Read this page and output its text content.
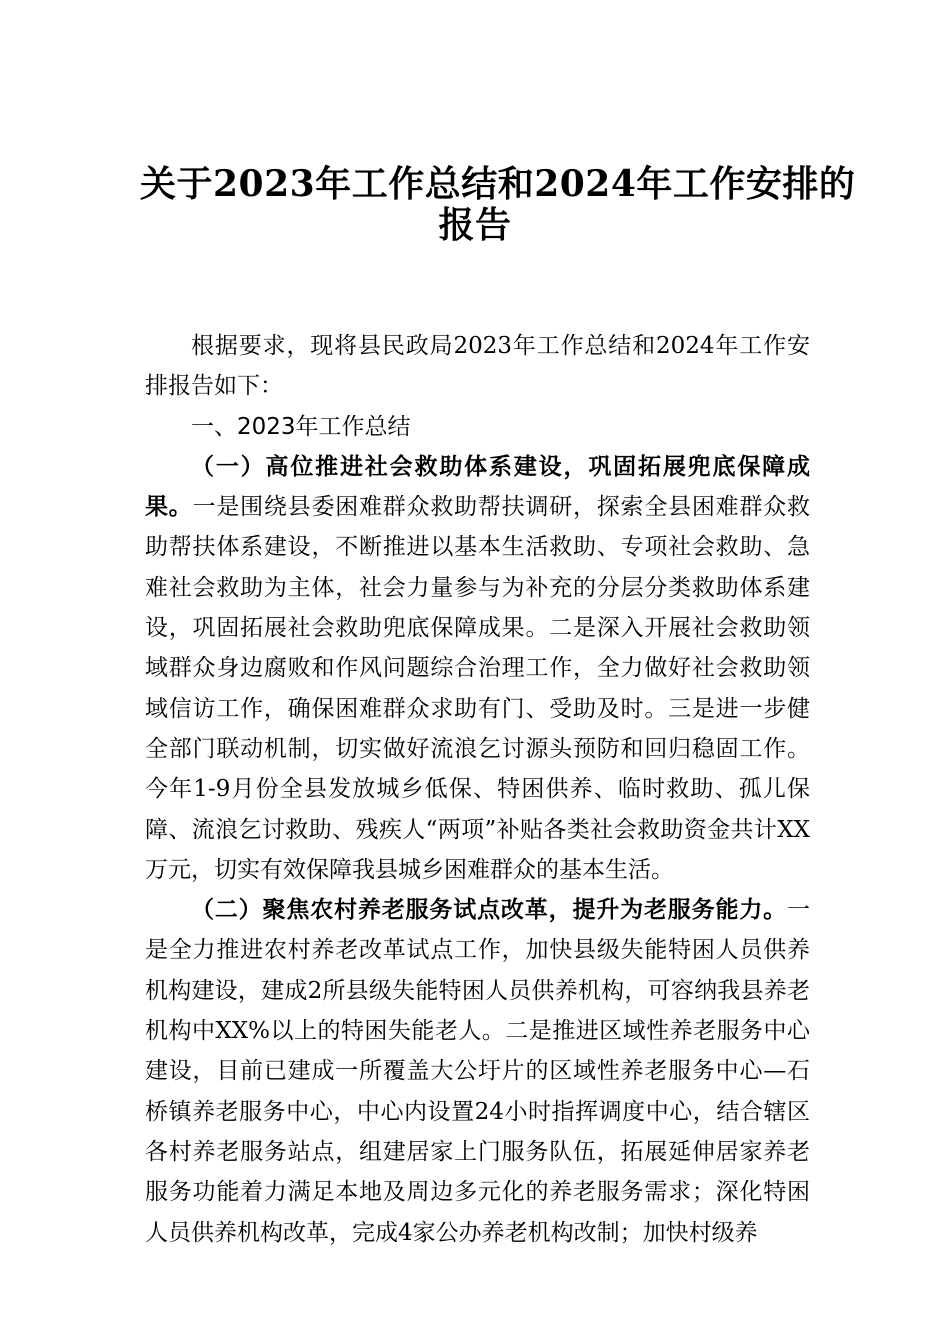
关于2023年工作总结和2024年工作安排的
报告

根据要求，现将县民政局2023年工作总结和2024年工作安排报告如下：

一、2023年工作总结

（一）高位推进社会救助体系建设，巩固拓展兜底保障成果。一是围绕县委困难群众救助帮扶调研，探索全县困难群众救助帮扶体系建设，不断推进以基本生活救助、专项社会救助、急难社会救助为主体，社会力量参与为补充的分层分类救助体系建设，巩固拓展社会救助兜底保障成果。二是深入开展社会救助领域群众身边腐败和作风问题综合治理工作，全力做好社会救助领域信访工作，确保困难群众求助有门、受助及时。三是进一步健全部门联动机制，切实做好流浪乞讨源头预防和回归稳固工作。今年1-9月份全县发放城乡低保、特困供养、临时救助、孤儿保障、流浪乞讨救助、残疾人“两项”补贴各类社会救助资金共计XX万元，切实有效保障我县城乡困难群众的基本生活。

（二）聚焦农村养老服务试点改革，提升为老服务能力。一是全力推进农村养老改革试点工作，加快县级失能特困人员供养机构建设，建成2所县级失能特困人员供养机构，可容纳我县养老机构中XX%以上的特困失能老人。二是推进区域性养老服务中心建设，目前已建成一所覆盖大公圩片的区域性养老服务中心—石桥镇养老服务中心，中心内设置24小时指挥调度中心，结合辖区各村养老服务站点，组建居家上门服务队伍，拓展延伸居家养老服务功能着力满足本地及周边多元化的养老服务需求；深化特困人员供养机构改革，完成4家公办养老机构改制；加快村级养
